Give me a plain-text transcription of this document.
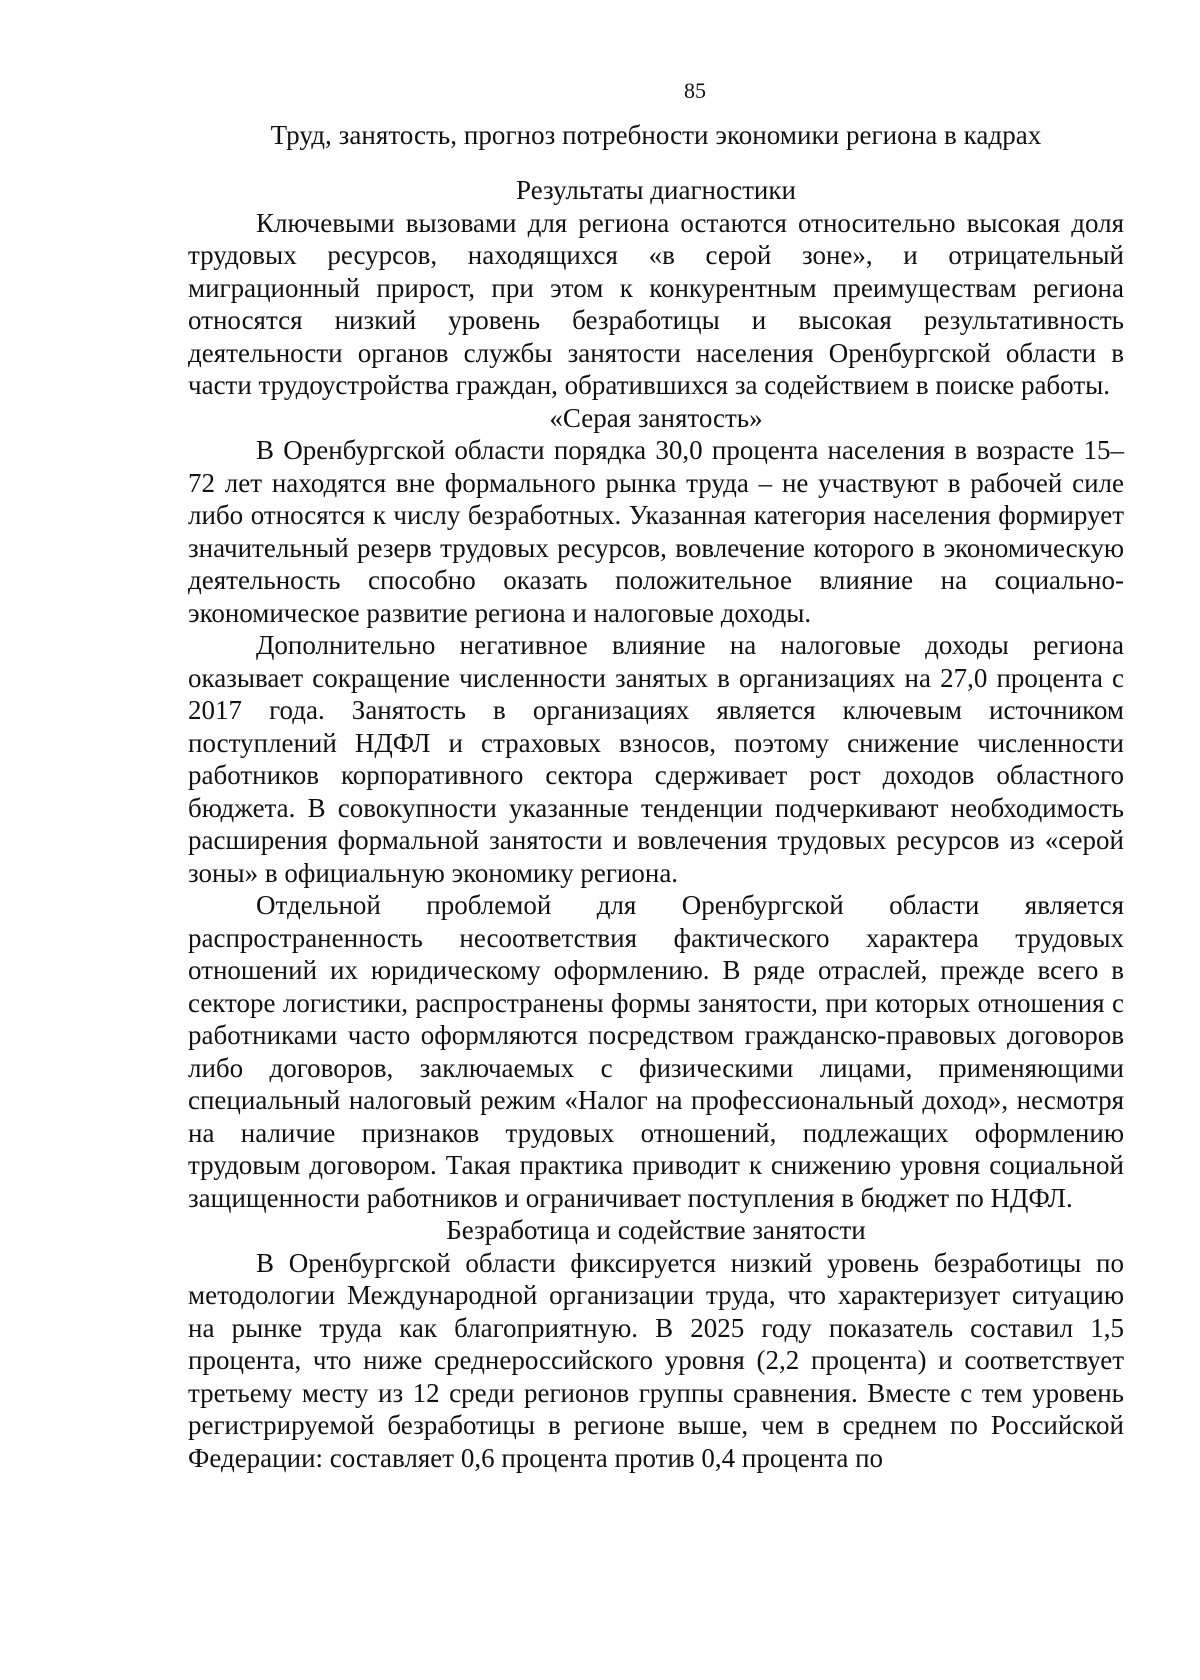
85
Труд, занятость, прогноз потребности экономики региона в кадрах
Результаты диагностики

Ключевыми вызовами для региона остаются относительно высокая доля трудовых ресурсов, находящихся «в серой зоне», и отрицательный миграционный прирост, при этом к конкурентным преимуществам региона относятся низкий уровень безработицы и высокая результативность деятельности органов службы занятости населения Оренбургской области в части трудоустройства граждан, обратившихся за содействием в поиске работы.

«Серая занятость»

В Оренбургской области порядка 30,0 процента населения в возрасте 15–72 лет находятся вне формального рынка труда – не участвуют в рабочей силе либо относятся к числу безработных. Указанная категория населения формирует значительный резерв трудовых ресурсов, вовлечение которого в экономическую деятельность способно оказать положительное влияние на социально-экономическое развитие региона и налоговые доходы.

Дополнительно негативное влияние на налоговые доходы региона оказывает сокращение численности занятых в организациях на 27,0 процента с 2017 года. Занятость в организациях является ключевым источником поступлений НДФЛ и страховых взносов, поэтому снижение численности работников корпоративного сектора сдерживает рост доходов областного бюджета. В совокупности указанные тенденции подчеркивают необходимость расширения формальной занятости и вовлечения трудовых ресурсов из «серой зоны» в официальную экономику региона.

Отдельной проблемой для Оренбургской области является распространенность несоответствия фактического характера трудовых отношений их юридическому оформлению. В ряде отраслей, прежде всего в секторе логистики, распространены формы занятости, при которых отношения с работниками часто оформляются посредством гражданско-правовых договоров либо договоров, заключаемых с физическими лицами, применяющими специальный налоговый режим «Налог на профессиональный доход», несмотря на наличие признаков трудовых отношений, подлежащих оформлению трудовым договором. Такая практика приводит к снижению уровня социальной защищенности работников и ограничивает поступления в бюджет по НДФЛ.

Безработица и содействие занятости

В Оренбургской области фиксируется низкий уровень безработицы по методологии Международной организации труда, что характеризует ситуацию на рынке труда как благоприятную. В 2025 году показатель составил 1,5 процента, что ниже среднероссийского уровня (2,2 процента) и соответствует третьему месту из 12 среди регионов группы сравнения. Вместе с тем уровень регистрируемой безработицы в регионе выше, чем в среднем по Российской Федерации: составляет 0,6 процента против 0,4 процента по
